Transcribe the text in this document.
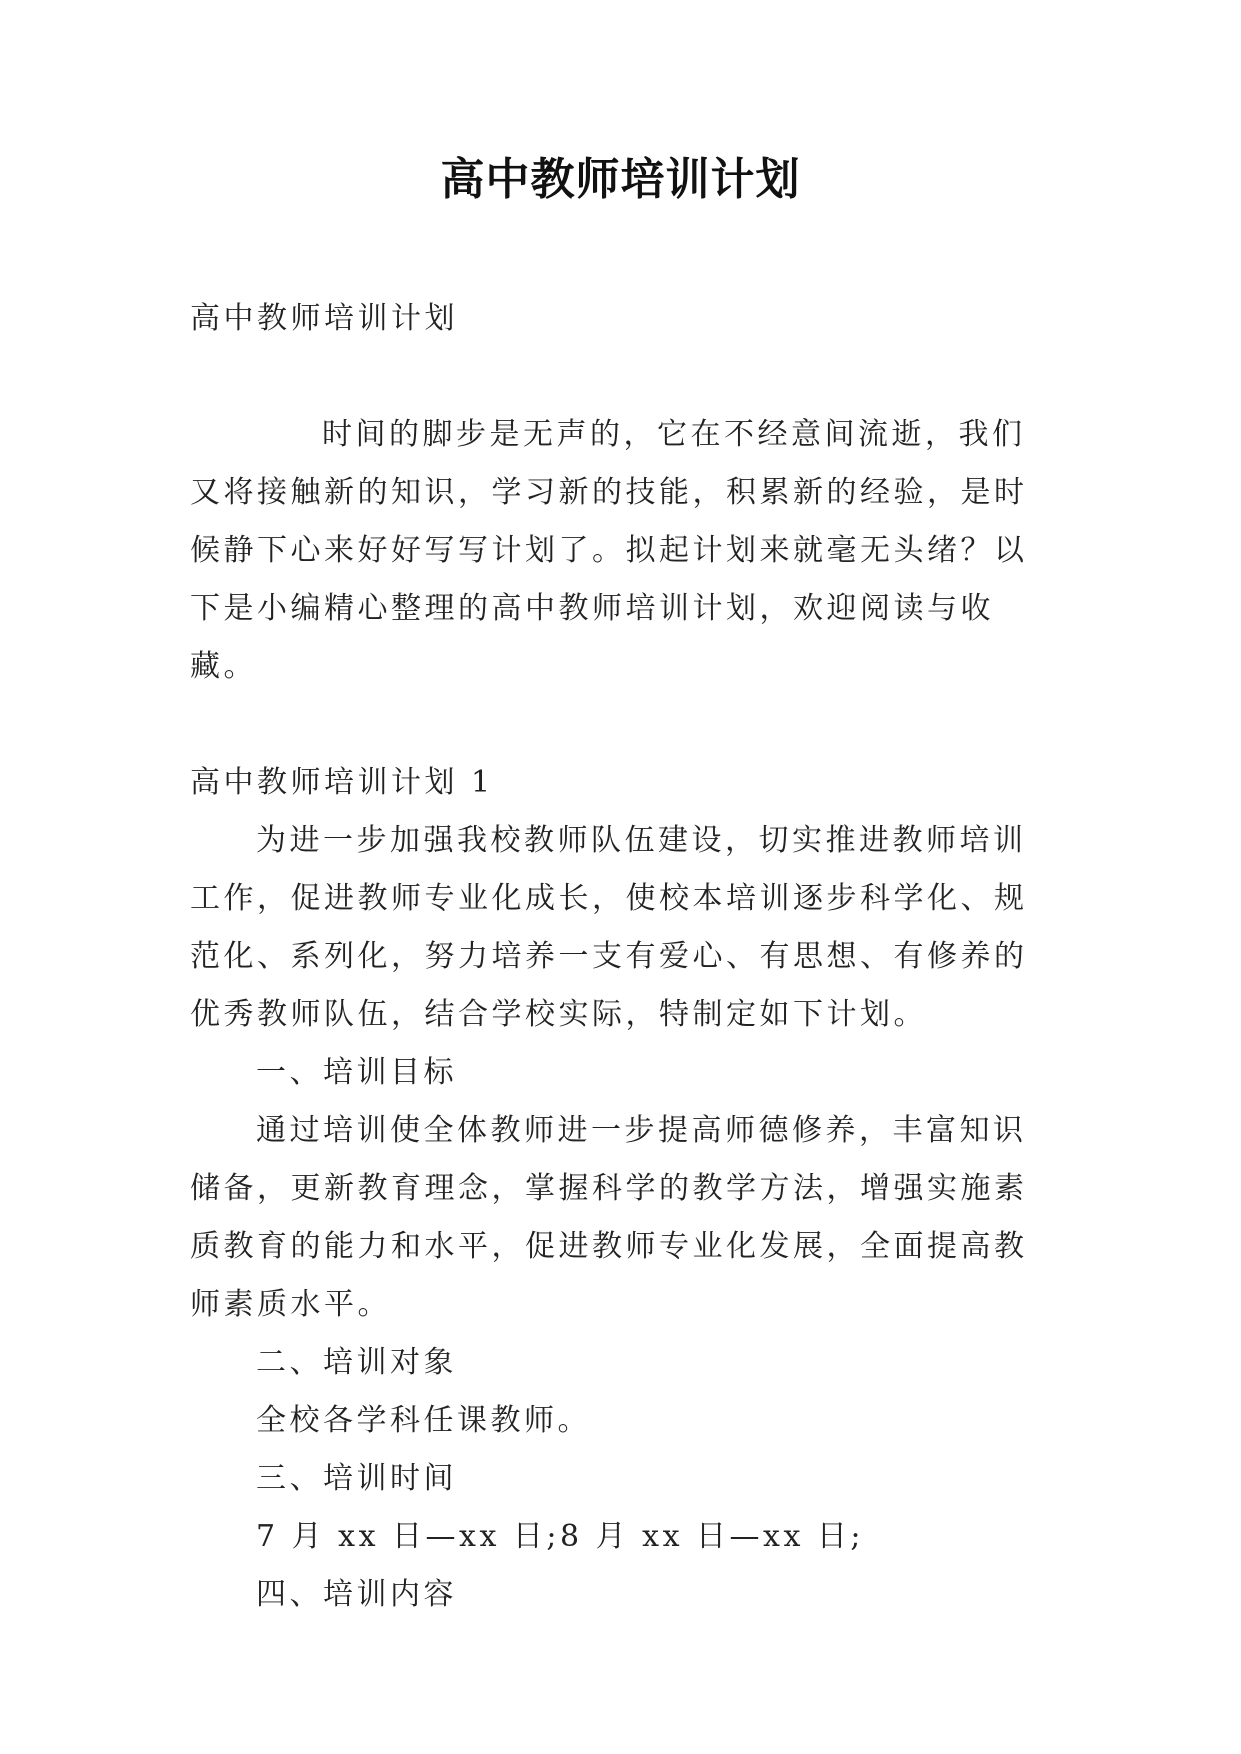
高中教师培训计划

高中教师培训计划

时间的脚步是无声的，它在不经意间流逝，我们又将接触新的知识，学习新的技能，积累新的经验，是时候静下心来好好写写计划了。拟起计划来就毫无头绪？以下是小编精心整理的高中教师培训计划，欢迎阅读与收藏。

高中教师培训计划 1

为进一步加强我校教师队伍建设，切实推进教师培训工作，促进教师专业化成长，使校本培训逐步科学化、规范化、系列化，努力培养一支有爱心、有思想、有修养的优秀教师队伍，结合学校实际，特制定如下计划。

一、培训目标

通过培训使全体教师进一步提高师德修养，丰富知识储备，更新教育理念，掌握科学的教学方法，增强实施素质教育的能力和水平，促进教师专业化发展，全面提高教师素质水平。

二、培训对象

全校各学科任课教师。

三、培训时间

7 月 xx 日—xx 日;8 月 xx 日—xx 日;

四、培训内容
